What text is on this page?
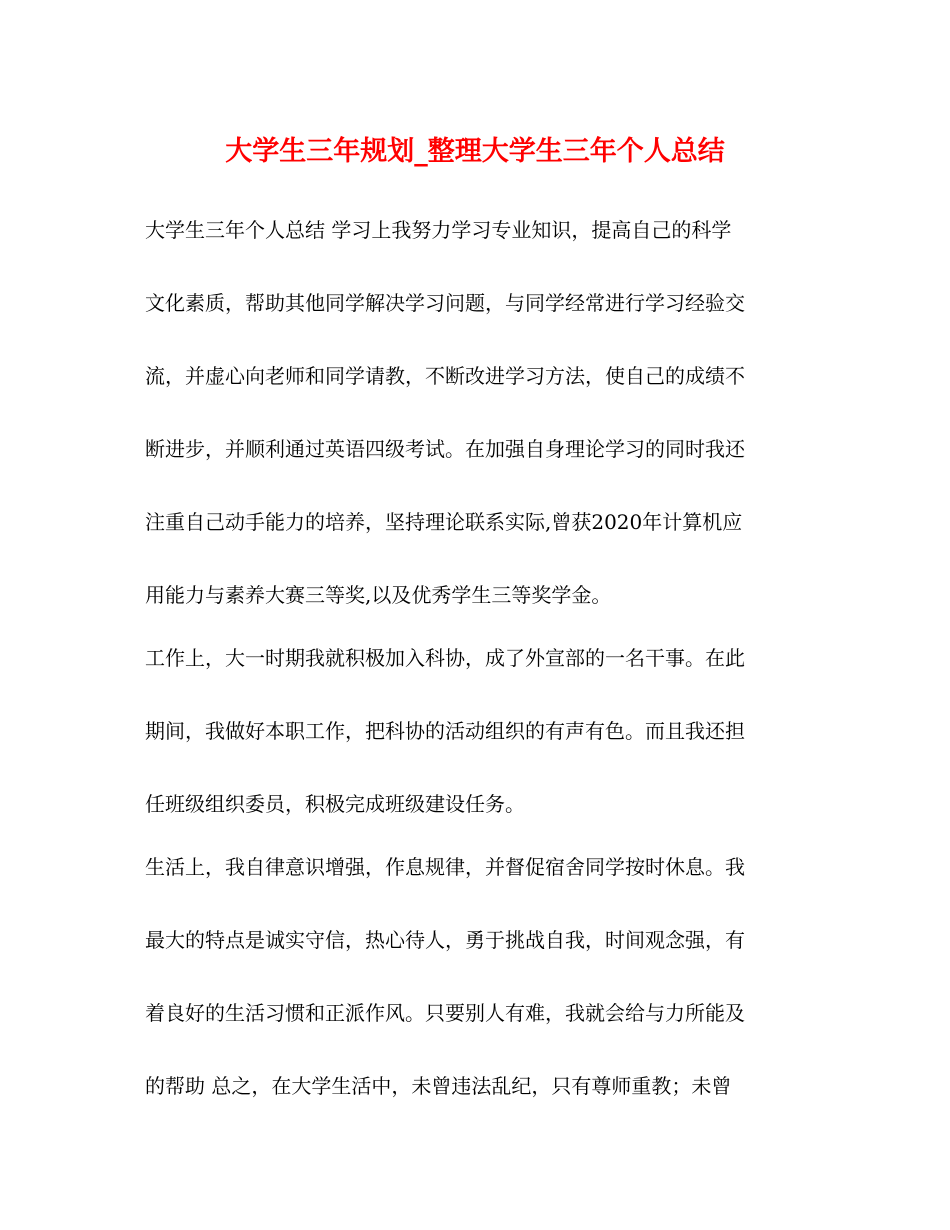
大学生三年规划_整理大学生三年个人总结
大学生三年个人总结 学习上我努力学习专业知识，提高自己的科学
文化素质，帮助其他同学解决学习问题，与同学经常进行学习经验交
流，并虚心向老师和同学请教，不断改进学习方法，使自己的成绩不
断进步，并顺利通过英语四级考试。在加强自身理论学习的同时我还
注重自己动手能力的培养，坚持理论联系实际,曾获2020年计算机应
用能力与素养大赛三等奖,以及优秀学生三等奖学金。
工作上，大一时期我就积极加入科协，成了外宣部的一名干事。在此
期间，我做好本职工作，把科协的活动组织的有声有色。而且我还担
任班级组织委员，积极完成班级建设任务。
生活上，我自律意识增强，作息规律，并督促宿舍同学按时休息。我
最大的特点是诚实守信，热心待人，勇于挑战自我，时间观念强，有
着良好的生活习惯和正派作风。只要别人有难，我就会给与力所能及
的帮助 总之，在大学生活中，未曾违法乱纪，只有尊师重教；未曾
